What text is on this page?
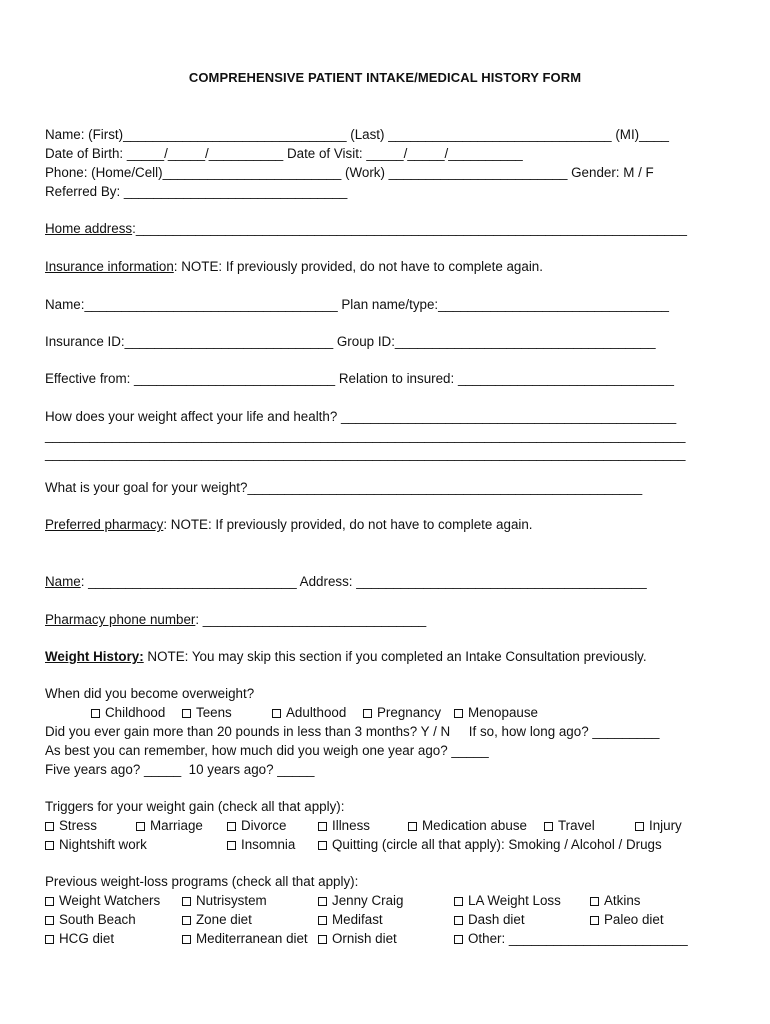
COMPREHENSIVE PATIENT INTAKE/MEDICAL HISTORY FORM
Name: (First)______________________________ (Last) ______________________________ (MI)____
Date of Birth: _____/_____/__________ Date of Visit: _____/_____/__________
Phone: (Home/Cell)________________________ (Work) ________________________ Gender: M / F
Referred By: ______________________________
Home address:__________________________________________________________________________
Insurance information: NOTE: If previously provided, do not have to complete again.
Name:__________________________________ Plan name/type:_______________________________
Insurance ID:____________________________ Group ID:___________________________________
Effective from: ___________________________ Relation to insured: _____________________________
How does your weight affect your life and health? _____________________________________________
______________________________________________________________________________________
______________________________________________________________________________________
What is your goal for your weight?_____________________________________________________
Preferred pharmacy: NOTE: If previously provided, do not have to complete again.
Name: ____________________________ Address: _______________________________________
Pharmacy phone number: ______________________________
Weight History: NOTE: You may skip this section if you completed an Intake Consultation previously.
When did you become overweight?
Childhood	Teens	Adulthood	Pregnancy	Menopause
Did you ever gain more than 20 pounds in less than 3 months? Y / N     If so, how long ago? _________
As best you can remember, how much did you weigh one year ago? _____
Five years ago? _____  10 years ago? _____
Triggers for your weight gain (check all that apply):
Stress	Marriage	Divorce	Illness	Medication abuse	Travel	Injury
Nightshift work	Insomnia	Quitting (circle all that apply): Smoking / Alcohol / Drugs
Previous weight-loss programs (check all that apply):
Weight Watchers	Nutrisystem	Jenny Craig	LA Weight Loss	Atkins
South Beach	Zone diet	Medifast	Dash diet	Paleo diet
HCG diet	Mediterranean diet	Ornish diet	Other: ________________________
